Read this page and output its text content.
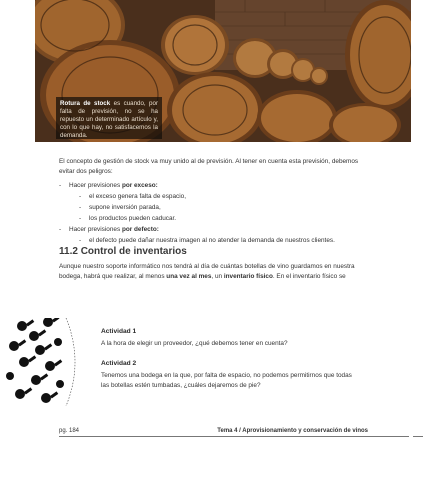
Rotura de stock es cuando, por falta de previsión, no se ha repuesto un determinado artículo y, con lo que hay, no satisfacemos la demanda.

El concepto de gestión de stock va muy unido al de previsión. Al tener en cuenta esta previsión, debemos evitar dos peligros:

- Hacer previsiones por exceso:
- el exceso genera falta de espacio,
- supone inversión parada,
- los productos pueden caducar.
- Hacer previsiones por defecto:
- el defecto puede dañar nuestra imagen al no atender la demanda de nuestros clientes.
11.2 Control de inventarios

Aunque nuestro soporte informático nos tendrá al día de cuántas botellas de vino guardamos en nuestra bodega, habrá que realizar, al menos una vez al mes, un inventario físico. En el inventario físico se

Actividad 1

A la hora de elegir un proveedor, ¿qué debemos tener en cuenta?

Actividad 2

Tenemos una bodega en la que, por falta de espacio, no podemos permitirnos que todas las botellas estén tumbadas, ¿cuáles dejaremos de pie?

pg. 184	Tema 4 / Aprovisionamiento y conservación de vinos
